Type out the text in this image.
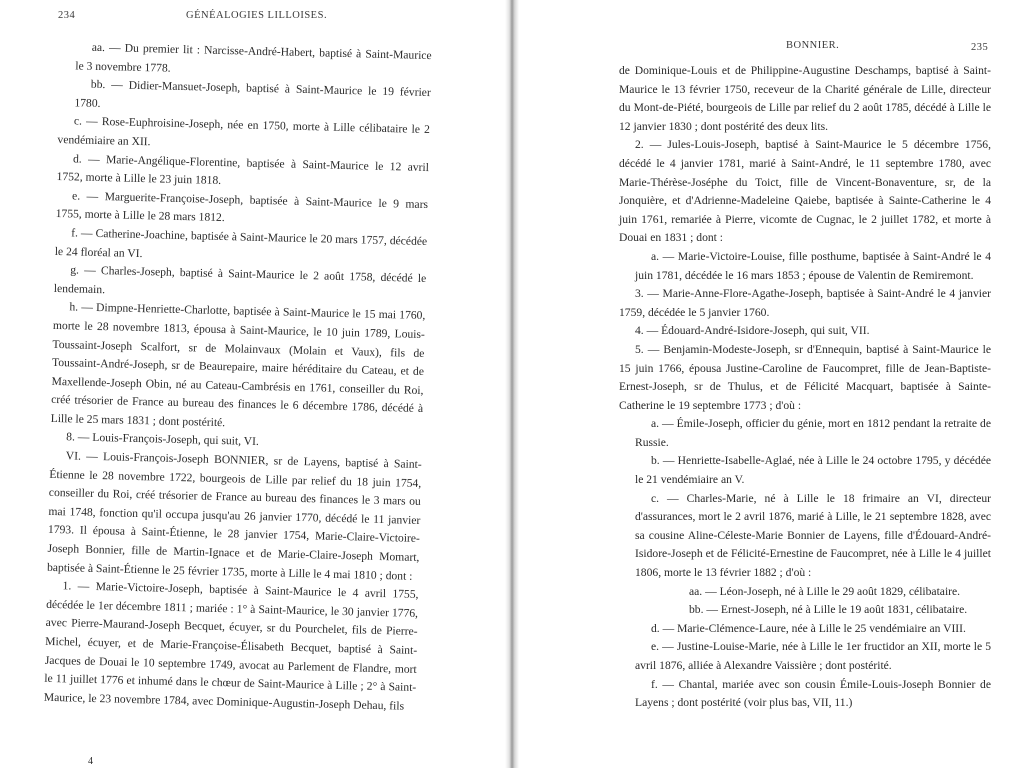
234	GÉNÉALOGIES LILLOISES.

aa. — Du premier lit : Narcisse-André-Habert, baptisé à Saint-Maurice le 3 novembre 1778.

bb. — Didier-Mansuet-Joseph, baptisé à Saint-Maurice le 19 février 1780.

c. — Rose-Euphroisine-Joseph, née en 1750, morte à Lille célibataire le 2 vendémiaire an XII.

d. — Marie-Angélique-Florentine, baptisée à Saint-Maurice le 12 avril 1752, morte à Lille le 23 juin 1818.

e. — Marguerite-Françoise-Joseph, baptisée à Saint-Maurice le 9 mars 1755, morte à Lille le 28 mars 1812.

f. — Catherine-Joachine, baptisée à Saint-Maurice le 20 mars 1757, décédée le 24 floréal an VI.

g. — Charles-Joseph, baptisé à Saint-Maurice le 2 août 1758, décédé le lendemain.

h. — Dimpne-Henriette-Charlotte, baptisée à Saint-Maurice le 15 mai 1760, morte le 28 novembre 1813, épousa à Saint-Maurice, le 10 juin 1789, Louis-Toussaint-Joseph Scalfort, sr de Molainvaux (Molain et Vaux), fils de Toussaint-André-Joseph, sr de Beaurepaire, maire héréditaire du Cateau, et de Maxellende-Joseph Obin, né au Cateau-Cambrésis en 1761, conseiller du Roi, créé trésorier de France au bureau des finances le 6 décembre 1786, décédé à Lille le 25 mars 1831 ; dont postérité.

8. — Louis-François-Joseph, qui suit, VI.

VI. — Louis-François-Joseph BONNIER, sr de Layens, baptisé à Saint-Étienne le 28 novembre 1722, bourgeois de Lille par relief du 18 juin 1754, conseiller du Roi, créé trésorier de France au bureau des finances le 3 mars ou mai 1748, fonction qu'il occupa jusqu'au 26 janvier 1770, décédé le 11 janvier 1793. Il épousa à Saint-Étienne, le 28 janvier 1754, Marie-Claire-Victoire-Joseph Bonnier, fille de Martin-Ignace et de Marie-Claire-Joseph Momart, baptisée à Saint-Étienne le 25 février 1735, morte à Lille le 4 mai 1810 ; dont :

1. — Marie-Victoire-Joseph, baptisée à Saint-Maurice le 4 avril 1755, décédée le 1er décembre 1811 ; mariée : 1° à Saint-Maurice, le 30 janvier 1776, avec Pierre-Maurand-Joseph Becquet, écuyer, sr du Pourchelet, fils de Pierre-Michel, écuyer, et de Marie-Françoise-Élisabeth Becquet, baptisé à Saint-Jacques de Douai le 10 septembre 1749, avocat au Parlement de Flandre, mort le 11 juillet 1776 et inhumé dans le chœur de Saint-Maurice à Lille ; 2° à Saint-Maurice, le 23 novembre 1784, avec Dominique-Augustin-Joseph Dehau, fils

4
BONNIER.	235

de Dominique-Louis et de Philippine-Augustine Deschamps, baptisé à Saint-Maurice le 13 février 1750, receveur de la Charité générale de Lille, directeur du Mont-de-Piété, bourgeois de Lille par relief du 2 août 1785, décédé à Lille le 12 janvier 1830 ; dont postérité des deux lits.

2. — Jules-Louis-Joseph, baptisé à Saint-Maurice le 5 décembre 1756, décédé le 4 janvier 1781, marié à Saint-André, le 11 septembre 1780, avec Marie-Thérèse-Joséphe du Toict, fille de Vincent-Bonaventure, sr, de la Jonquière, et d'Adrienne-Madeleine Qaiebe, baptisée à Sainte-Catherine le 4 juin 1761, remariée à Pierre, vicomte de Cugnac, le 2 juillet 1782, et morte à Douai en 1831 ; dont :

a. — Marie-Victoire-Louise, fille posthume, baptisée à Saint-André le 4 juin 1781, décédée le 16 mars 1853 ; épouse de Valentin de Remiremont.

3. — Marie-Anne-Flore-Agathe-Joseph, baptisée à Saint-André le 4 janvier 1759, décédée le 5 janvier 1760.

4. — Édouard-André-Isidore-Joseph, qui suit, VII.

5. — Benjamin-Modeste-Joseph, sr d'Ennequin, baptisé à Saint-Maurice le 15 juin 1766, épousa Justine-Caroline de Faucompret, fille de Jean-Baptiste-Ernest-Joseph, sr de Thulus, et de Félicité Macquart, baptisée à Sainte-Catherine le 19 septembre 1773 ; d'où :

a. — Émile-Joseph, officier du génie, mort en 1812 pendant la retraite de Russie.

b. — Henriette-Isabelle-Aglaé, née à Lille le 24 octobre 1795, y décédée le 21 vendémiaire an V.

c. — Charles-Marie, né à Lille le 18 frimaire an VI, directeur d'assurances, mort le 2 avril 1876, marié à Lille, le 21 septembre 1828, avec sa cousine Aline-Céleste-Marie Bonnier de Layens, fille d'Édouard-André-Isidore-Joseph et de Félicité-Ernestine de Faucompret, née à Lille le 4 juillet 1806, morte le 13 février 1882 ; d'où :

aa. — Léon-Joseph, né à Lille le 29 août 1829, célibataire.

bb. — Ernest-Joseph, né à Lille le 19 août 1831, célibataire.

d. — Marie-Clémence-Laure, née à Lille le 25 vendémiaire an VIII.

e. — Justine-Louise-Marie, née à Lille le 1er fructidor an XII, morte le 5 avril 1876, alliée à Alexandre Vaissière ; dont postérité.

f. — Chantal, mariée avec son cousin Émile-Louis-Joseph Bonnier de Layens ; dont postérité (voir plus bas, VII, 11.)
